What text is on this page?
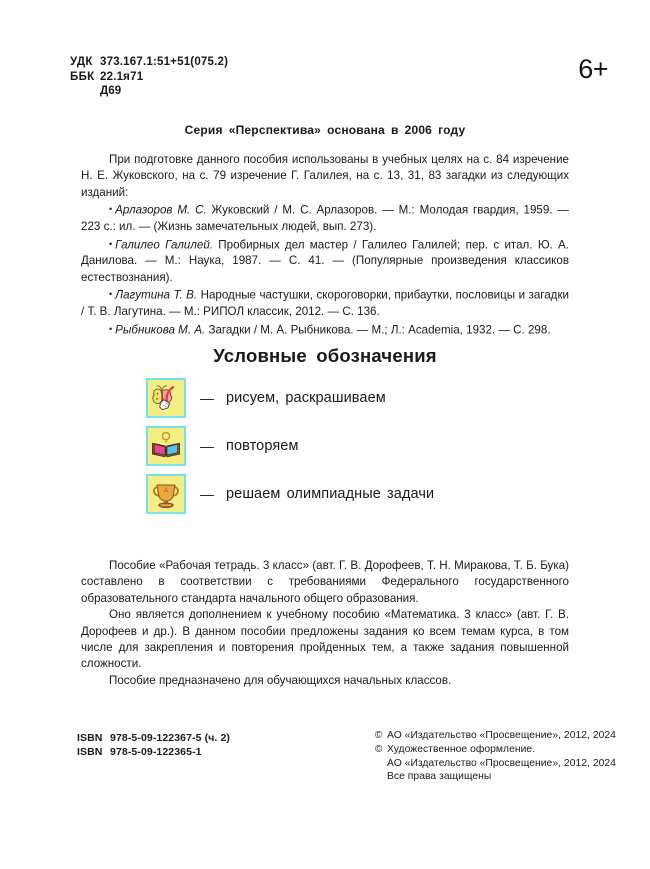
УДК 373.167.1:51+51(075.2)
ББК 22.1я71
Д69
6+
Серия «Перспектива» основана в 2006 году

При подготовке данного пособия использованы в учебных целях на с. 84 изречение Н. Е. Жуковского, на с. 79 изречение Г. Галилея, на с. 13, 31, 83 загадки из следующих изданий:

• Арлазоров М. С. Жуковский / М. С. Арлазоров. — М.: Молодая гвардия, 1959. — 223 с.: ил. — (Жизнь замечательных людей, вып. 273).

• Галилео Галилей. Пробирных дел мастер / Галилео Галилей; пер. с итал. Ю. А. Данилова. — М.: Наука, 1987. — С. 41. — (Популярные произведения классиков естествознания).

• Лагутина Т. В. Народные частушки, скороговорки, прибаутки, пословицы и загадки / Т. В. Лагутина. — М.: РИПОЛ классик, 2012. — С. 136.

• Рыбникова М. А. Загадки / М. А. Рыбникова. — М.; Л.: Academia, 1932. — С. 298.

Условные обозначения
— рисуем, раскрашиваем
— повторяем
— решаем олимпиадные задачи

Пособие «Рабочая тетрадь. 3 класс» (авт. Г. В. Дорофеев, Т. Н. Миракова, Т. Б. Бука) составлено в соответствии с требованиями Федерального государственного образовательного стандарта начального общего образования.

Оно является дополнением к учебному пособию «Математика. 3 класс» (авт. Г. В. Дорофеев и др.). В данном пособии предложены задания ко всем темам курса, в том числе для закрепления и повторения пройденных тем, а также задания повышенной сложности.

Пособие предназначено для обучающихся начальных классов.

ISBN 978-5-09-122367-5 (ч. 2)
ISBN 978-5-09-122365-1
© АО «Издательство «Просвещение», 2012, 2024
© Художественное оформление.
АО «Издательство «Просвещение», 2012, 2024
Все права защищены
